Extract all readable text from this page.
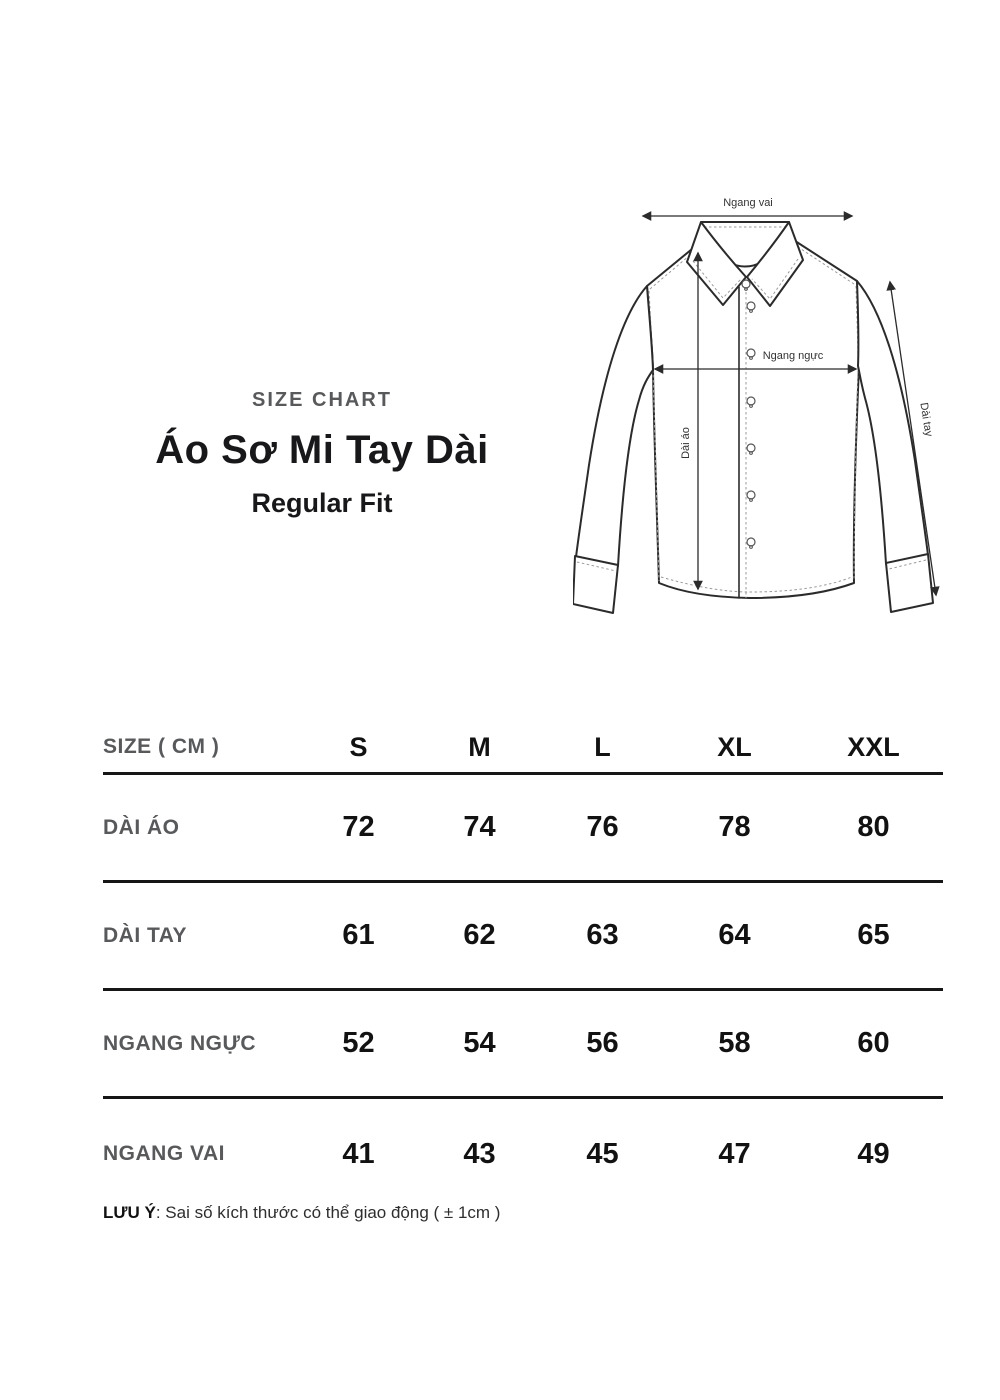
SIZE CHART
Áo Sơ Mi Tay Dài
Regular Fit
Ngang vai
Ngang ngực
Dài áo
Dài tay
SIZE ( CM )	S	M	L	XL	XXL
DÀI ÁO	72	74	76	78	80
DÀI TAY	61	62	63	64	65
NGANG NGỰC	52	54	56	58	60
NGANG VAI	41	43	45	47	49
LƯU Ý: Sai số kích thước có thể giao động ( ± 1cm )
